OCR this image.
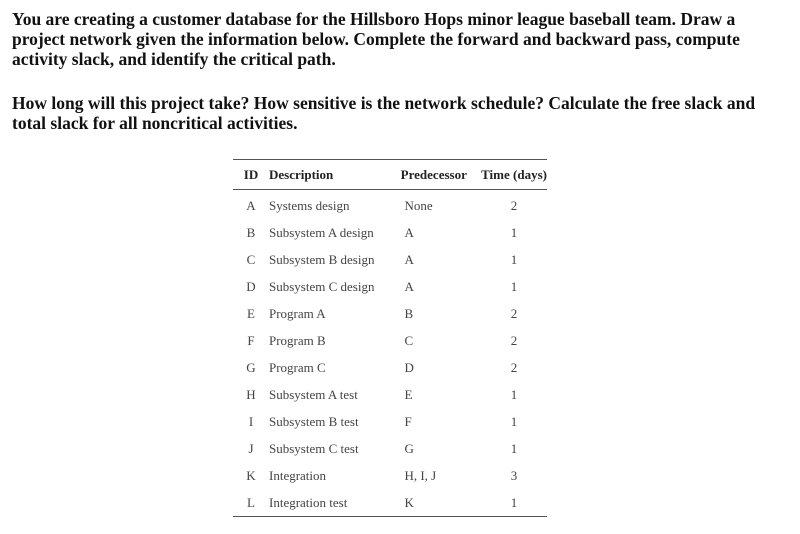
You are creating a customer database for the Hillsboro Hops minor league baseball team. Draw a project network given the information below. Complete the forward and backward pass, compute activity slack, and identify the critical path.

How long will this project take? How sensitive is the network schedule? Calculate the free slack and total slack for all noncritical activities.

ID	Description	Predecessor	Time (days)
A	Systems design	None	2
B	Subsystem A design	A	1
C	Subsystem B design	A	1
D	Subsystem C design	A	1
E	Program A	B	2
F	Program B	C	2
G	Program C	D	2
H	Subsystem A test	E	1
I	Subsystem B test	F	1
J	Subsystem C test	G	1
K	Integration	H, I, J	3
L	Integration test	K	1
